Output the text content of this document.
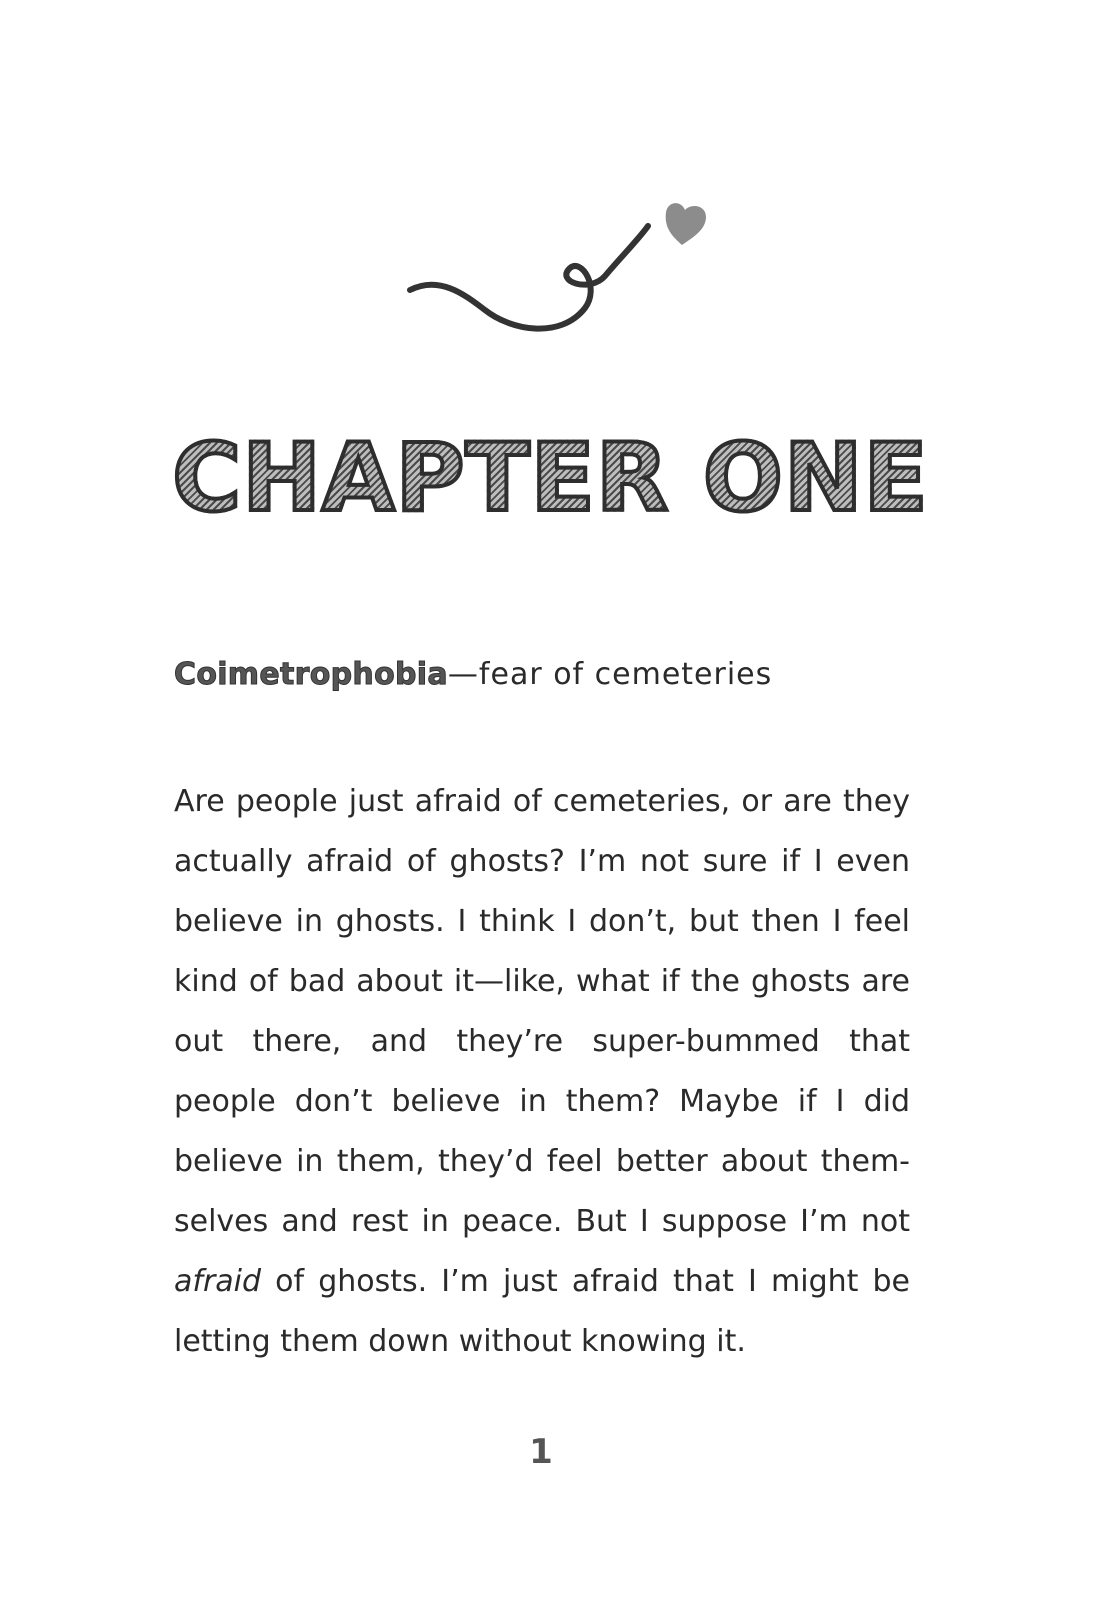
CHAPTER ONE
Coimetrophobia—fear of cemeteries

Are people just afraid of cemeteries, or are they actually afraid of ghosts? I’m not sure if I even believe in ghosts. I think I don’t, but then I feel kind of bad about it—like, what if the ghosts are out there, and they’re super-bummed that people don’t believe in them? Maybe if I did believe in them, they’d feel better about themselves and rest in peace. But I suppose I’m not afraid of ghosts. I’m just afraid that I might be letting them down without knowing it.

1
